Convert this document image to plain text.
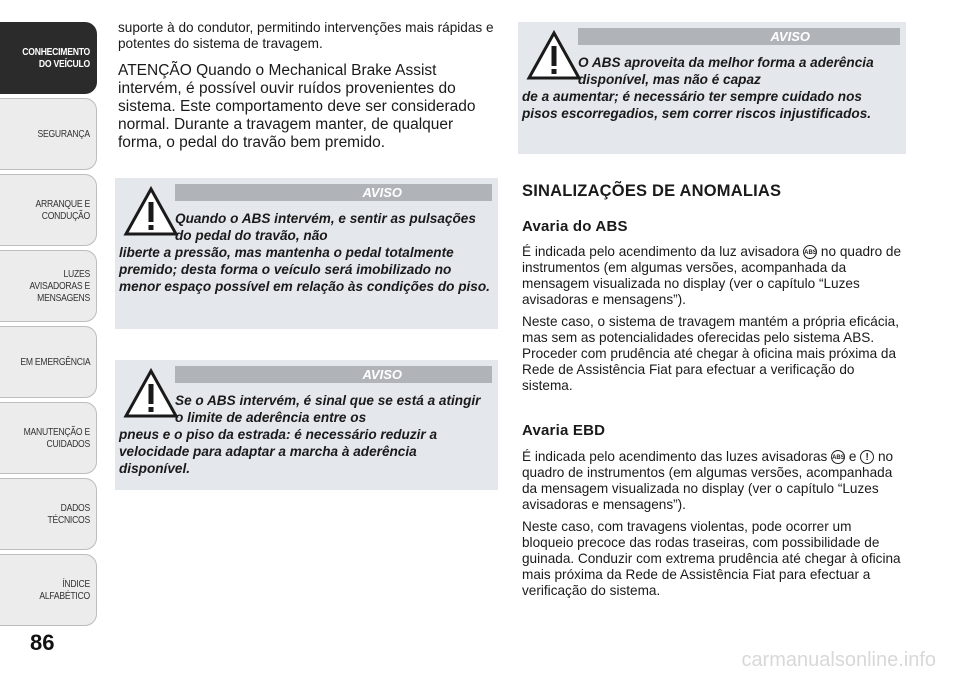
CONHECIMENTO DO VEÍCULO
SEGURANÇA
ARRANQUE E CONDUÇÃO
LUZES AVISADORAS E MENSAGENS
EM EMERGÊNCIA
MANUTENÇÃO E CUIDADOS
DADOS TÉCNICOS
ÍNDICE ALFABÉTICO
86

suporte à do condutor, permitindo intervenções mais rápidas e potentes do sistema de travagem.

ATENÇÃO Quando o Mechanical Brake Assist intervém, é possível ouvir ruídos provenientes do sistema. Este comportamento deve ser considerado normal. Durante a travagem manter, de qualquer forma, o pedal do travão bem premido.

AVISO
Quando o ABS intervém, e sentir as pulsações do pedal do travão, não
liberte a pressão, mas mantenha o pedal totalmente premido; desta forma o veículo será imobilizado no menor espaço possível em relação às condições do piso.
AVISO
Se o ABS intervém, é sinal que se está a atingir o limite de aderência entre os
pneus e o piso da estrada: é necessário reduzir a velocidade para adaptar a marcha à aderência disponível.
AVISO
O ABS aproveita da melhor forma a aderência disponível, mas não é capaz
de a aumentar; é necessário ter sempre cuidado nos pisos escorregadios, sem correr riscos injustificados.
SINALIZAÇÕES DE ANOMALIAS
Avaria do ABS

É indicada pelo acendimento da luz avisadora ABS no quadro de instrumentos (em algumas versões, acompanhada da mensagem visualizada no display (ver o capítulo “Luzes avisadoras e mensagens”).

Neste caso, o sistema de travagem mantém a própria eficácia, mas sem as potencialidades oferecidas pelo sistema ABS. Proceder com prudência até chegar à oficina mais próxima da Rede de Assistência Fiat para efectuar a verificação do sistema.

Avaria EBD

É indicada pelo acendimento das luzes avisadoras ABS e ! no quadro de instrumentos (em algumas versões, acompanhada da mensagem visualizada no display (ver o capítulo “Luzes avisadoras e mensagens”).

Neste caso, com travagens violentas, pode ocorrer um bloqueio precoce das rodas traseiras, com possibilidade de guinada. Conduzir com extrema prudência até chegar à oficina mais próxima da Rede de Assistência Fiat para efectuar a verificação do sistema.

carmanualsonline.info
